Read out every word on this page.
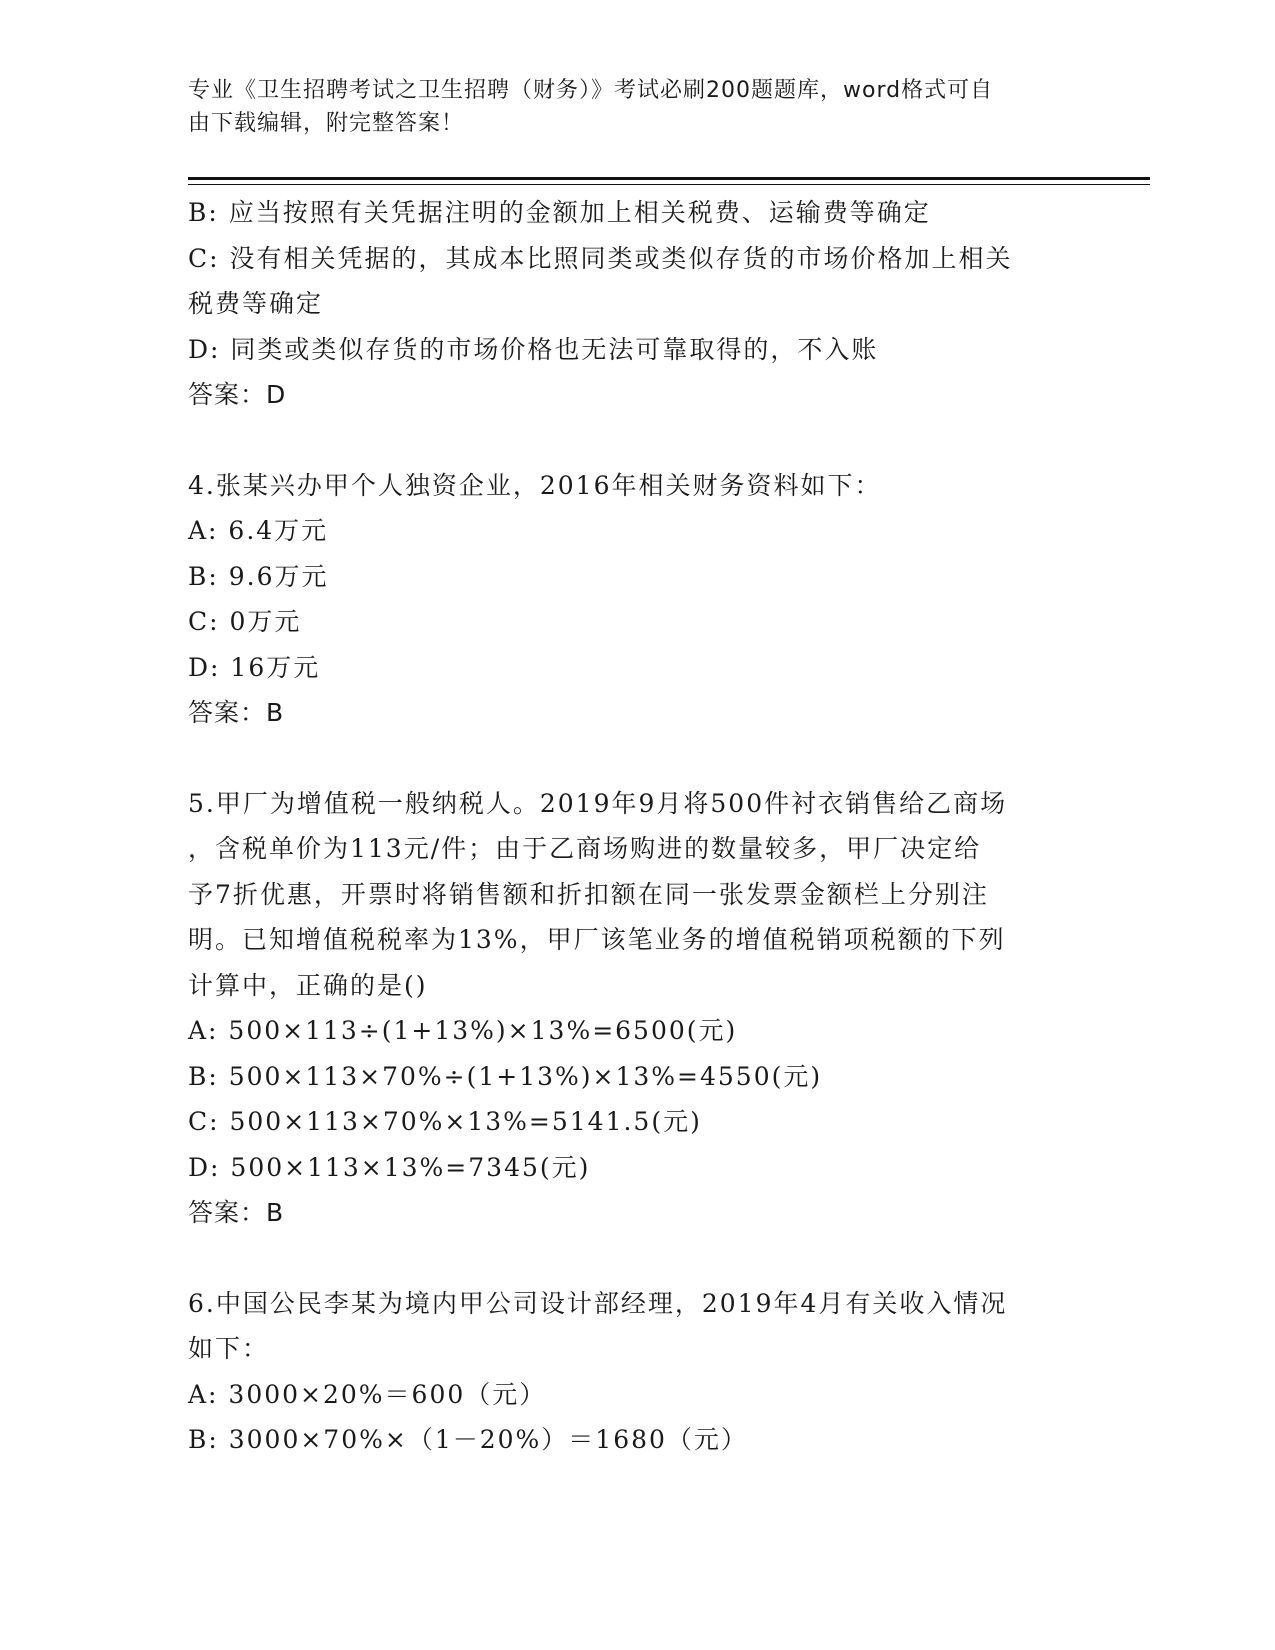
专业《卫生招聘考试之卫生招聘（财务）》考试必刷200题题库，word格式可自
由下载编辑，附完整答案！
B: 应当按照有关凭据注明的金额加上相关税费、运输费等确定
C: 没有相关凭据的，其成本比照同类或类似存货的市场价格加上相关
税费等确定
D: 同类或类似存货的市场价格也无法可靠取得的，不入账
答案：D
4.张某兴办甲个人独资企业，2016年相关财务资料如下：
A: 6.4万元
B: 9.6万元
C: 0万元
D: 16万元
答案：B
5.甲厂为增值税一般纳税人。2019年9月将500件衬衣销售给乙商场
，含税单价为113元/件；由于乙商场购进的数量较多，甲厂决定给
予7折优惠，开票时将销售额和折扣额在同一张发票金额栏上分别注
明。已知增值税税率为13%，甲厂该笔业务的增值税销项税额的下列
计算中，正确的是()
A: 500×113÷(1+13%)×13%=6500(元)
B: 500×113×70%÷(1+13%)×13%=4550(元)
C: 500×113×70%×13%=5141.5(元)
D: 500×113×13%=7345(元)
答案：B
6.中国公民李某为境内甲公司设计部经理，2019年4月有关收入情况
如下：
A: 3000×20%＝600（元）
B: 3000×70%×（1－20%）＝1680（元）
